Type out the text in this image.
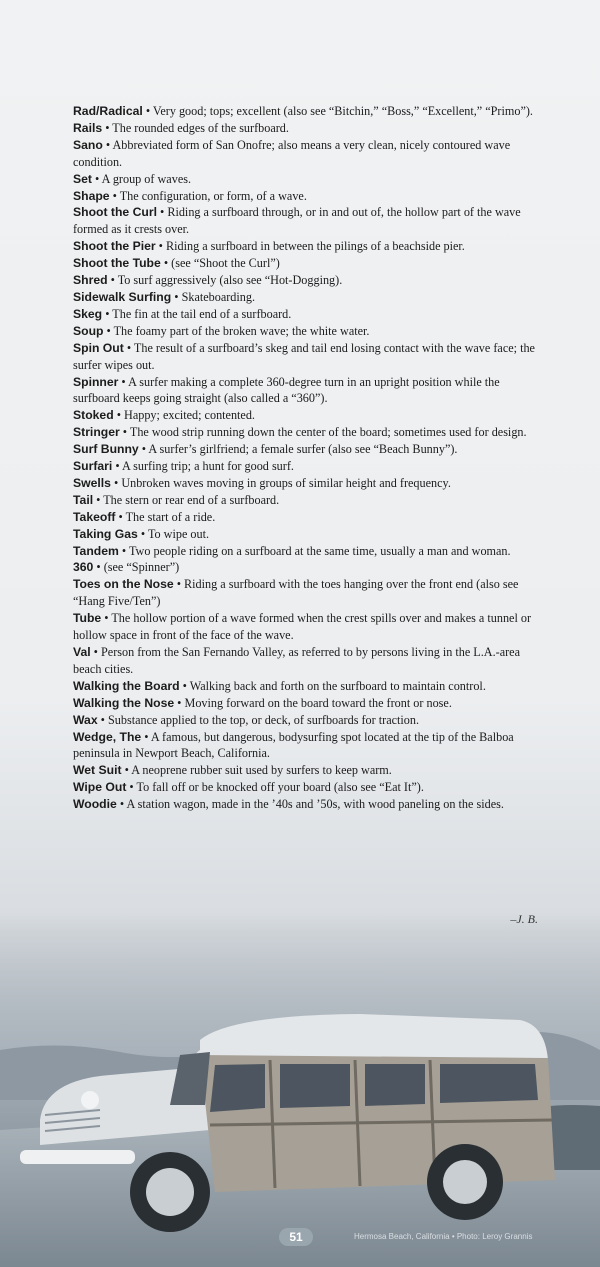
Rad/Radical • Very good; tops; excellent (also see “Bitchin,” “Boss,” “Excellent,” “Primo”).

Rails • The rounded edges of the surfboard.

Sano • Abbreviated form of San Onofre; also means a very clean, nicely contoured wave condition.

Set • A group of waves.

Shape • The configuration, or form, of a wave.

Shoot the Curl • Riding a surfboard through, or in and out of, the hollow part of the wave formed as it crests over.

Shoot the Pier • Riding a surfboard in between the pilings of a beachside pier.

Shoot the Tube • (see “Shoot the Curl”)

Shred • To surf aggressively (also see “Hot-Dogging).

Sidewalk Surfing • Skateboarding.

Skeg • The fin at the tail end of a surfboard.

Soup • The foamy part of the broken wave; the white water.

Spin Out • The result of a surfboard’s skeg and tail end losing contact with the wave face; the surfer wipes out.

Spinner • A surfer making a complete 360-degree turn in an upright position while the surfboard keeps going straight (also called a “360”).

Stoked • Happy; excited; contented.

Stringer • The wood strip running down the center of the board; sometimes used for design.

Surf Bunny • A surfer’s girlfriend; a female surfer (also see “Beach Bunny”).

Surfari • A surfing trip; a hunt for good surf.

Swells • Unbroken waves moving in groups of similar height and frequency.

Tail • The stern or rear end of a surfboard.

Takeoff • The start of a ride.

Taking Gas • To wipe out.

Tandem • Two people riding on a surfboard at the same time, usually a man and woman.

360 • (see “Spinner”)

Toes on the Nose • Riding a surfboard with the toes hanging over the front end (also see “Hang Five/Ten”)

Tube • The hollow portion of a wave formed when the crest spills over and makes a tunnel or hollow space in front of the face of the wave.

Val • Person from the San Fernando Valley, as referred to by persons living in the L.A.-area beach cities.

Walking the Board • Walking back and forth on the surfboard to maintain control.

Walking the Nose • Moving forward on the board toward the front or nose.

Wax • Substance applied to the top, or deck, of surfboards for traction.

Wedge, The • A famous, but dangerous, bodysurfing spot located at the tip of the Balboa peninsula in Newport Beach, California.

Wet Suit • A neoprene rubber suit used by surfers to keep warm.

Wipe Out • To fall off or be knocked off your board (also see “Eat It”).

Woodie • A station wagon, made in the ’40s and ’50s, with wood paneling on the sides.

–J. B.
51	Hermosa Beach, California • Photo: Leroy Grannis
